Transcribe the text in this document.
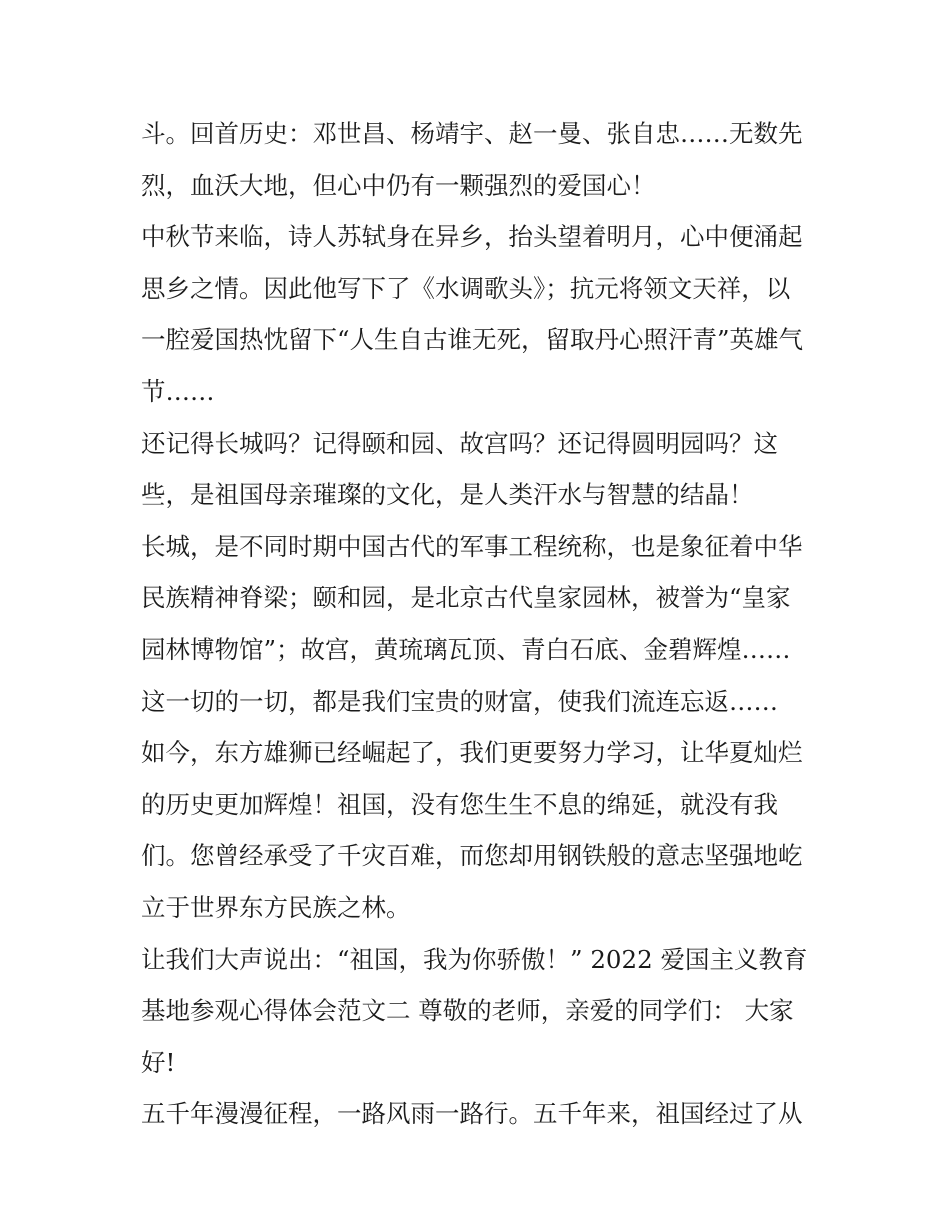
斗。回首历史：邓世昌、杨靖宇、赵一曼、张自忠……无数先
烈，血沃大地，但心中仍有一颗强烈的爱国心！
中秋节来临，诗人苏轼身在异乡，抬头望着明月，心中便涌起
思乡之情。因此他写下了《水调歌头》；抗元将领文天祥，以
一腔爱国热忱留下“人生自古谁无死，留取丹心照汗青”英雄气
节……
还记得长城吗？记得颐和园、故宫吗？还记得圆明园吗？这
些，是祖国母亲璀璨的文化，是人类汗水与智慧的结晶！
长城，是不同时期中国古代的军事工程统称，也是象征着中华
民族精神脊梁；颐和园，是北京古代皇家园林，被誉为“皇家
园林博物馆”；故宫，黄琉璃瓦顶、青白石底、金碧辉煌……
这一切的一切，都是我们宝贵的财富，使我们流连忘返……
如今，东方雄狮已经崛起了，我们更要努力学习，让华夏灿烂
的历史更加辉煌！祖国，没有您生生不息的绵延，就没有我
们。您曾经承受了千灾百难，而您却用钢铁般的意志坚强地屹
立于世界东方民族之林。
让我们大声说出：“祖国，我为你骄傲！” 2022 爱国主义教育
基地参观心得体会范文二 尊敬的老师，亲爱的同学们： 大家
好!
五千年漫漫征程，一路风雨一路行。五千年来，祖国经过了从
